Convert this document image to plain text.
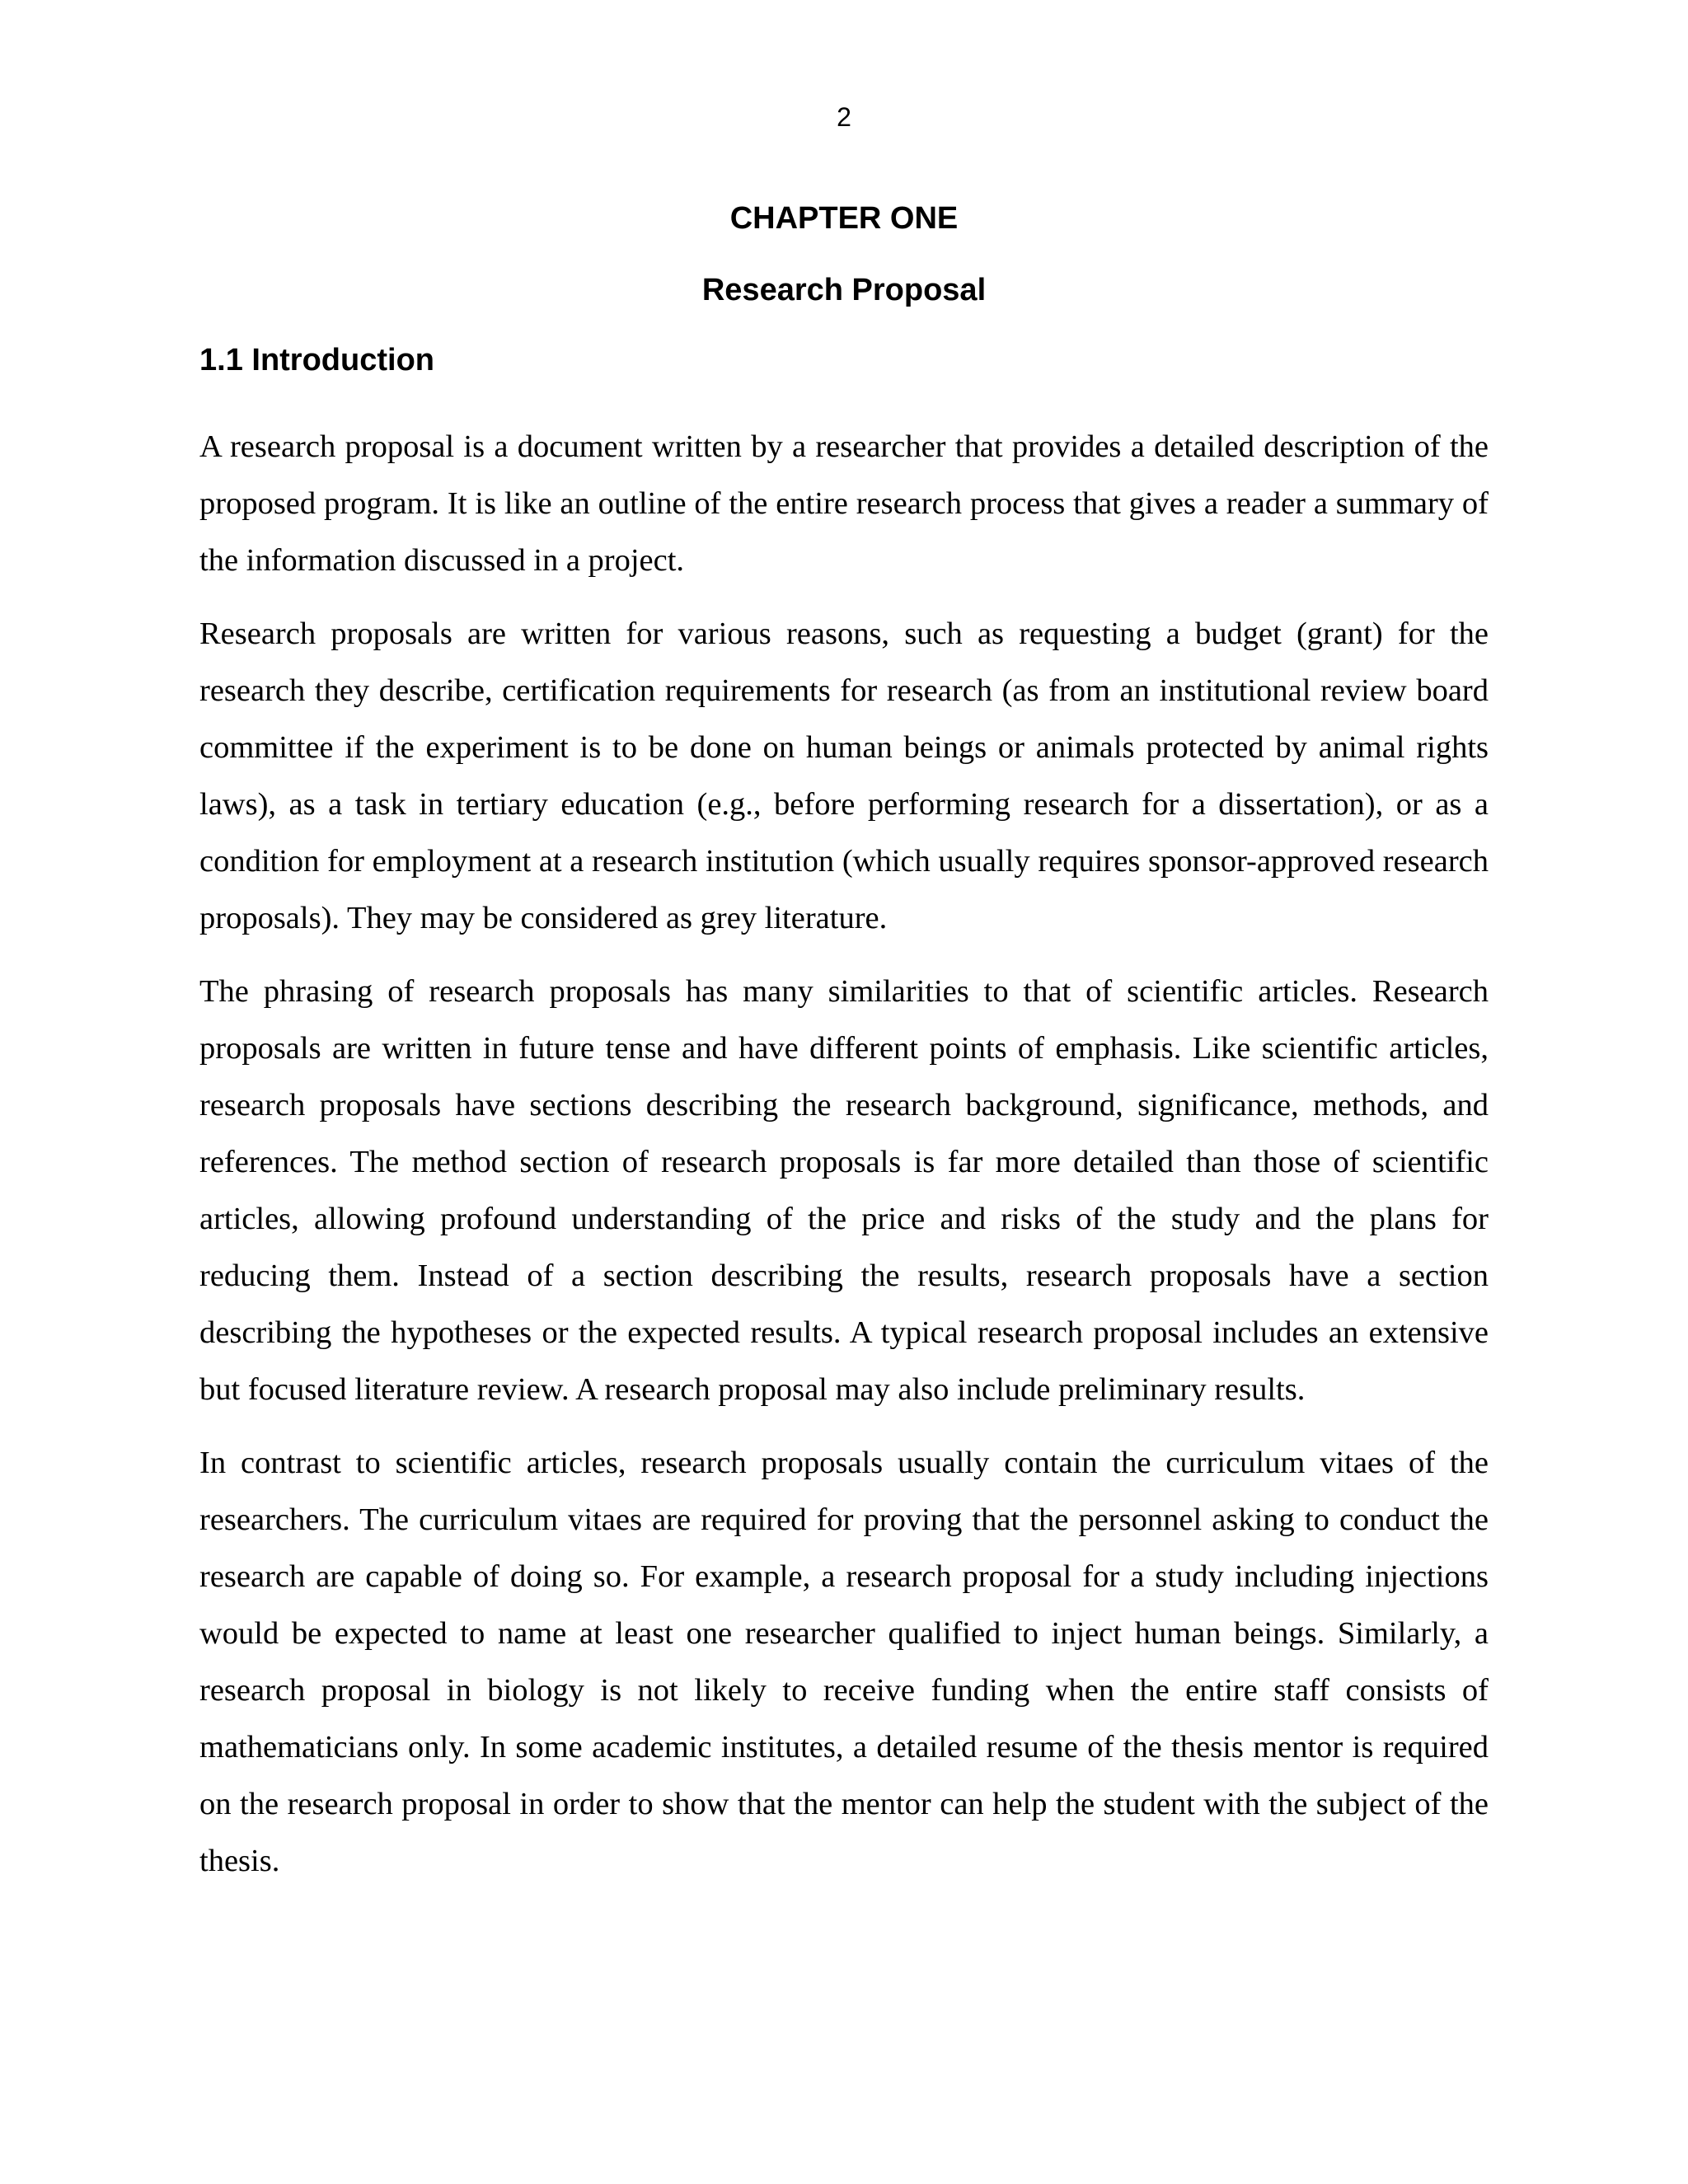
2
CHAPTER ONE
Research Proposal
1.1 Introduction

A research proposal is a document written by a researcher that provides a detailed description of the proposed program. It is like an outline of the entire research process that gives a reader a summary of the information discussed in a project.

Research proposals are written for various reasons, such as requesting a budget (grant) for the research they describe, certification requirements for research (as from an institutional review board committee if the experiment is to be done on human beings or animals protected by animal rights laws), as a task in tertiary education (e.g., before performing research for a dissertation), or as a condition for employment at a research institution (which usually requires sponsor-approved research proposals). They may be considered as grey literature.

The phrasing of research proposals has many similarities to that of scientific articles. Research proposals are written in future tense and have different points of emphasis. Like scientific articles, research proposals have sections describing the research background, significance, methods, and references. The method section of research proposals is far more detailed than those of scientific articles, allowing profound understanding of the price and risks of the study and the plans for reducing them. Instead of a section describing the results, research proposals have a section describing the hypotheses or the expected results. A typical research proposal includes an extensive but focused literature review. A research proposal may also include preliminary results.

In contrast to scientific articles, research proposals usually contain the curriculum vitaes of the researchers. The curriculum vitaes are required for proving that the personnel asking to conduct the research are capable of doing so. For example, a research proposal for a study including injections would be expected to name at least one researcher qualified to inject human beings. Similarly, a research proposal in biology is not likely to receive funding when the entire staff consists of mathematicians only. In some academic institutes, a detailed resume of the thesis mentor is required on the research proposal in order to show that the mentor can help the student with the subject of the thesis.
